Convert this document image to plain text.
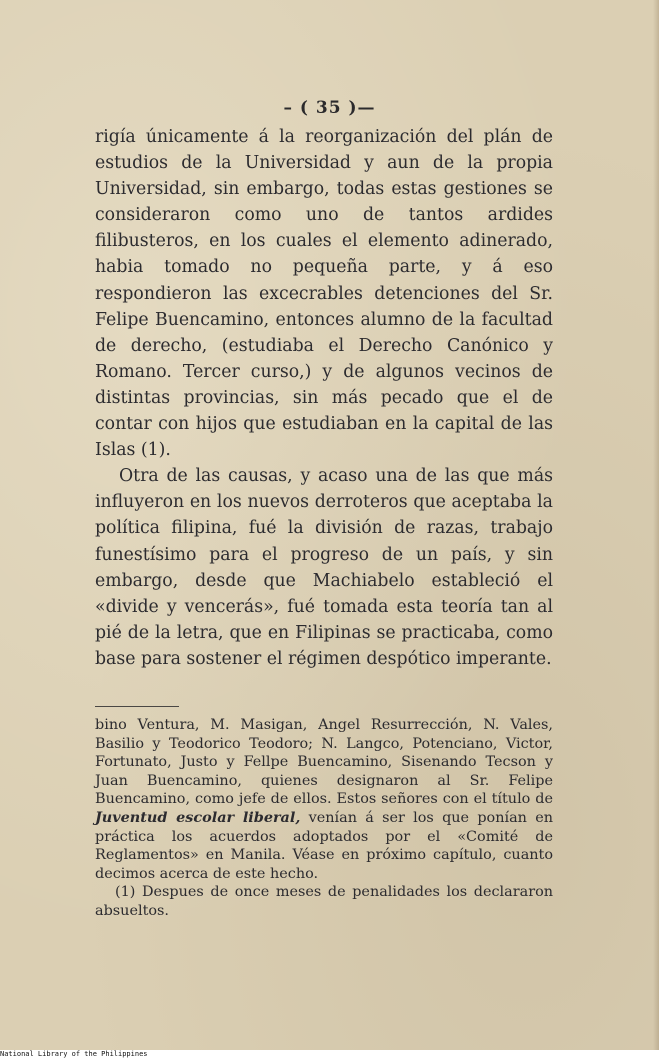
– ( 35 )—

rigía únicamente á la reorganización del plán de estudios de la Universidad y aun de la propia Universidad, sin embargo, todas estas gestiones se consideraron como uno de tantos ardides filibusteros, en los cuales el elemento adinerado, habia tomado no pequeña parte, y á eso respondieron las excecrables detenciones del Sr. Felipe Buencamino, entonces alumno de la facultad de derecho, (estudiaba el Derecho Canónico y Romano. Tercer curso,) y de algunos vecinos de distintas provincias, sin más pecado que el de contar con hijos que estudiaban en la capital de las Islas (1).

Otra de las causas, y acaso una de las que más influyeron en los nuevos derroteros que aceptaba la política filipina, fué la división de razas, trabajo funestísimo para el progreso de un país, y sin embargo, desde que Machiabelo estableció el «divide y vencerás», fué tomada esta teoría tan al pié de la letra, que en Filipinas se practicaba, como base para sostener el régimen despótico imperante.

bino Ventura, M. Masigan, Angel Resurrección, N. Vales, Basilio y Teodorico Teodoro; N. Langco, Potenciano, Victor, Fortunato, Justo y Fellpe Buencamino, Sisenando Tecson y Juan Buencamino, quienes designaron al Sr. Felipe Buencamino, como jefe de ellos. Estos señores con el título de Juventud escolar liberal, venían á ser los que ponían en práctica los acuerdos adoptados por el «Comité de Reglamentos» en Manila. Véase en próximo capítulo, cuanto decimos acerca de este hecho.

(1) Despues de once meses de penalidades los declararon absueltos.

National Library of the Philippines
